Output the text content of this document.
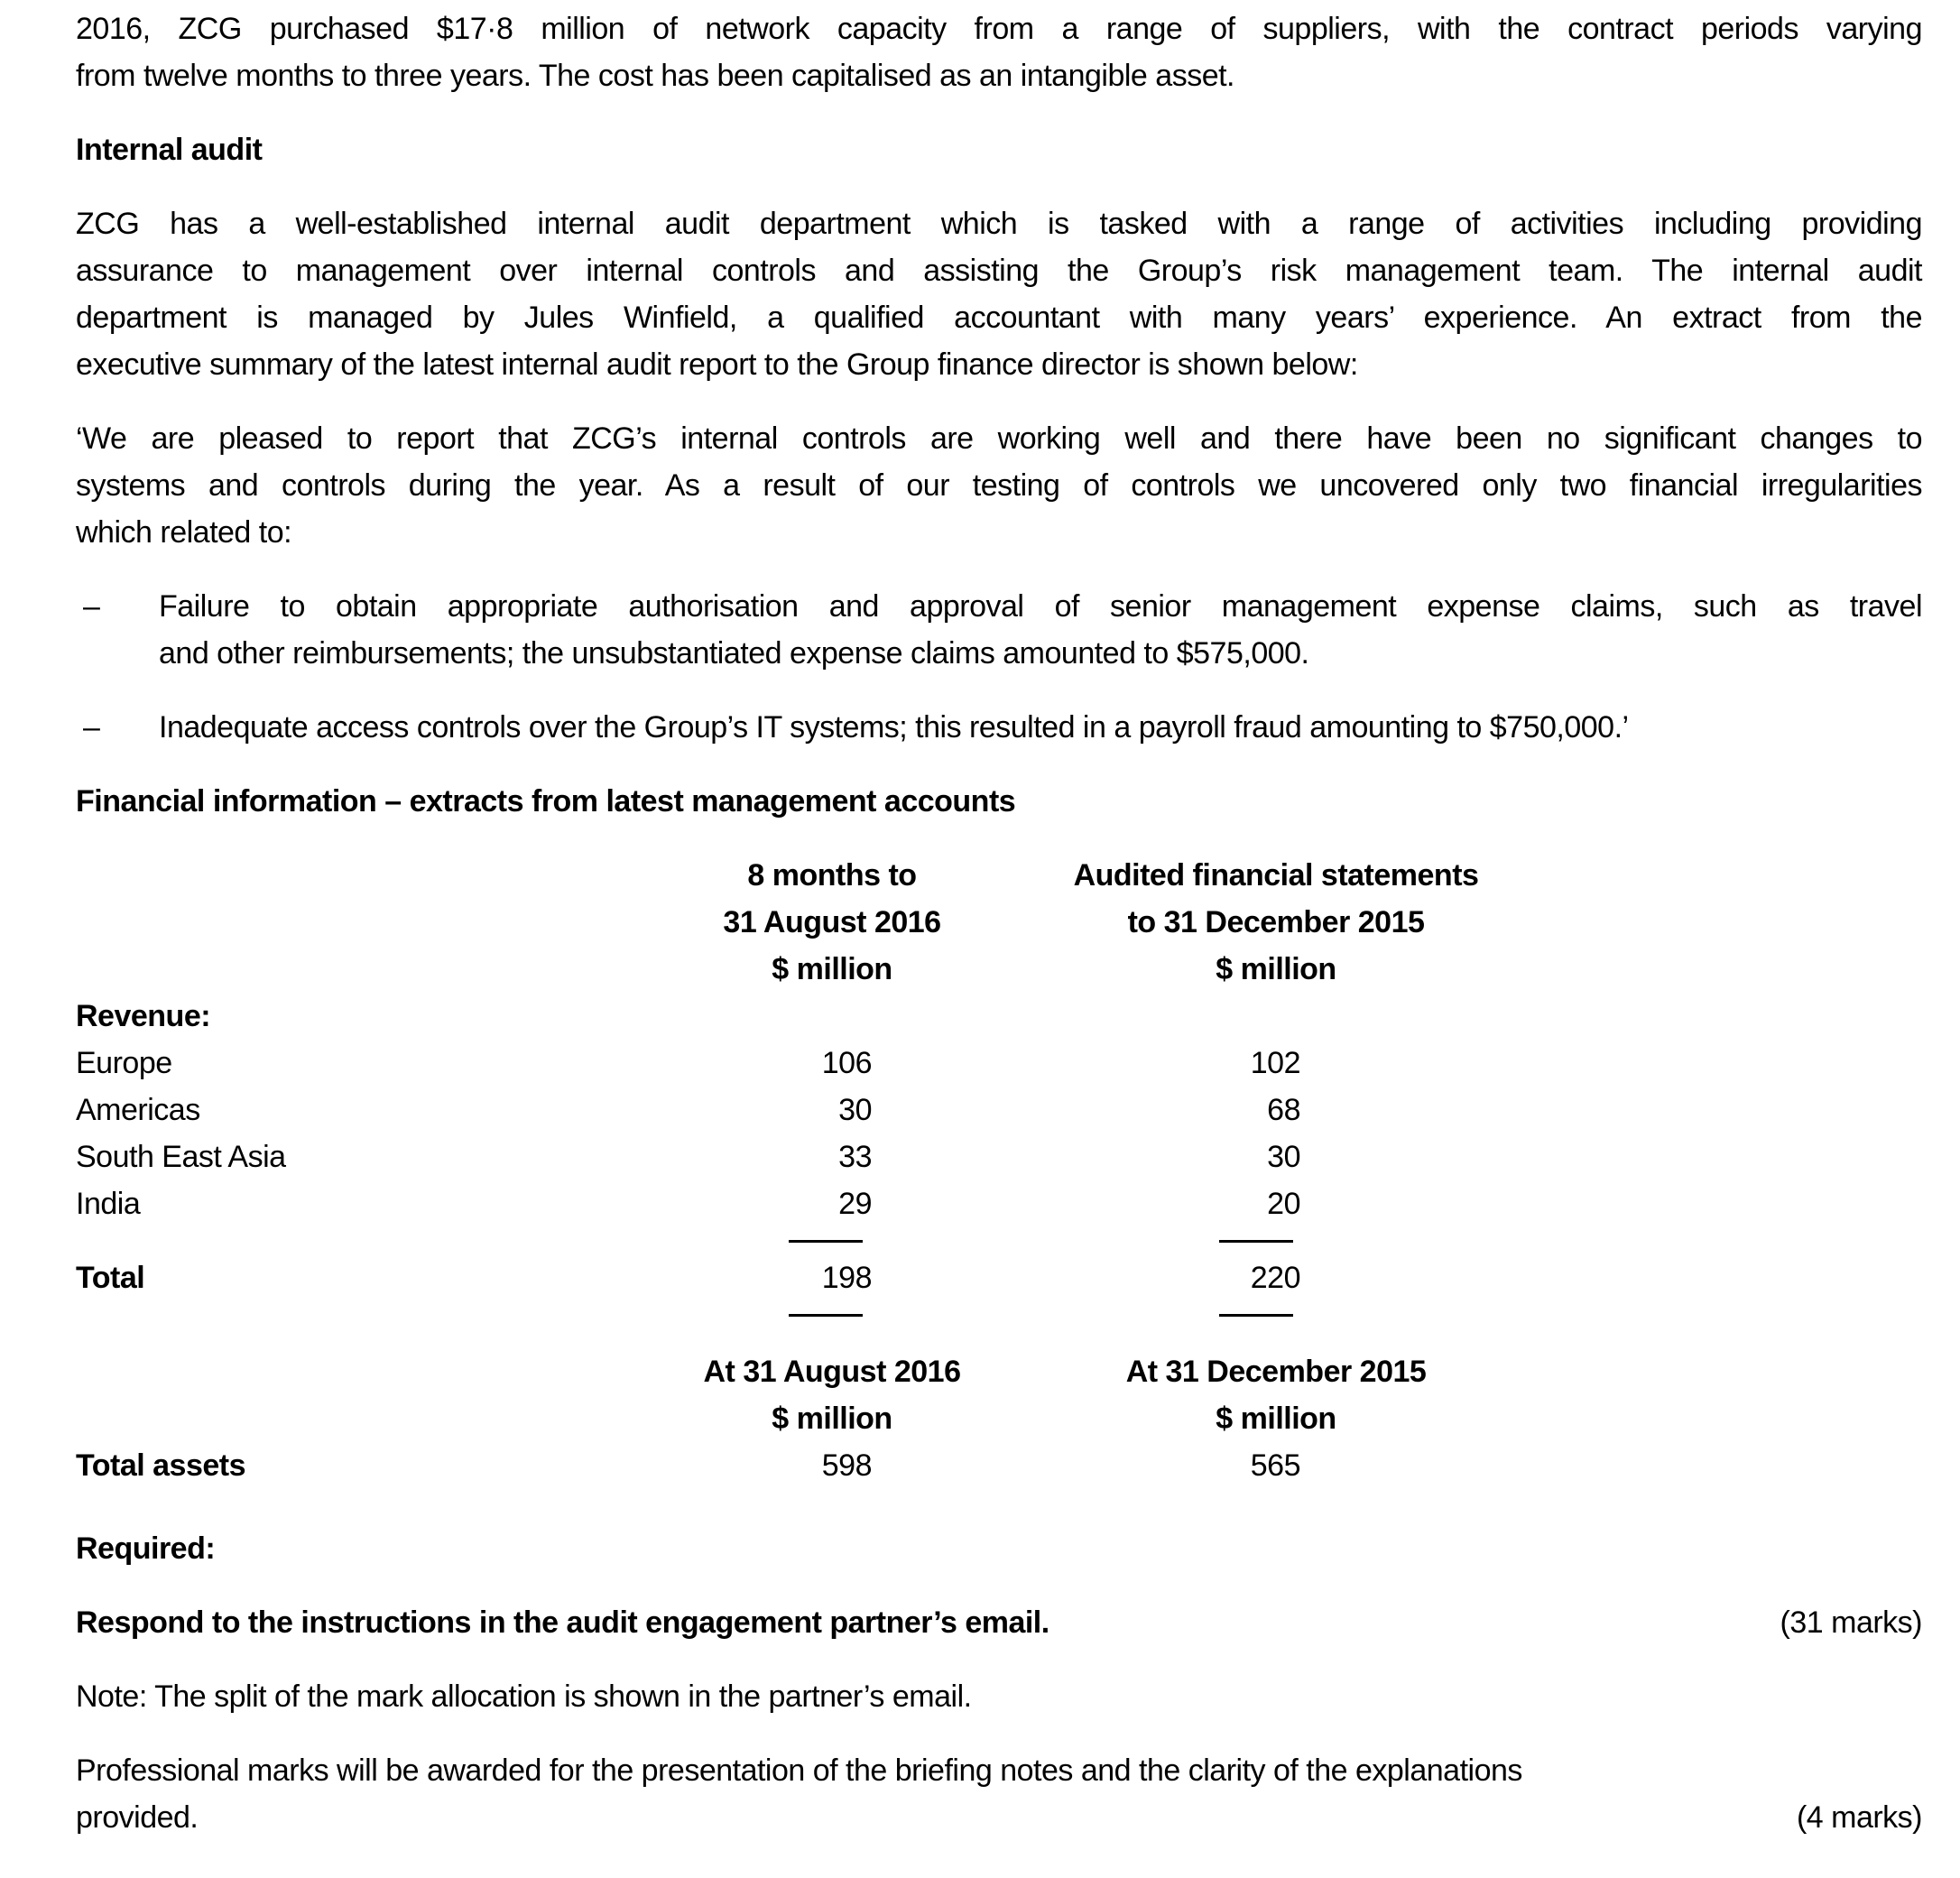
2016, ZCG purchased $17·8 million of network capacity from a range of suppliers, with the contract periods varying
from twelve months to three years. The cost has been capitalised as an intangible asset.
Internal audit
ZCG has a well-established internal audit department which is tasked with a range of activities including providing
assurance to management over internal controls and assisting the Group’s risk management team. The internal audit
department is managed by Jules Winfield, a qualified accountant with many years’ experience. An extract from the
executive summary of the latest internal audit report to the Group finance director is shown below:
‘We are pleased to report that ZCG’s internal controls are working well and there have been no significant changes to
systems and controls during the year. As a result of our testing of controls we uncovered only two financial irregularities
which related to:
–	Failure to obtain appropriate authorisation and approval of senior management expense claims, such as travel
and other reimbursements; the unsubstantiated expense claims amounted to $575,000.
–	Inadequate access controls over the Group’s IT systems; this resulted in a payroll fraud amounting to $750,000.’
Financial information – extracts from latest management accounts
8 months to
31 August 2016
$ million
Audited financial statements
to 31 December 2015
$ million
Revenue:
Europe	106	102
Americas	30	68
South East Asia	33	30
India	29	20
Total	198	220
At 31 August 2016
$ million
At 31 December 2015
$ million
Total assets	598	565
Required:
Respond to the instructions in the audit engagement partner’s email.	(31 marks)
Note: The split of the mark allocation is shown in the partner’s email.
Professional marks will be awarded for the presentation of the briefing notes and the clarity of the explanations
provided.	(4 marks)
